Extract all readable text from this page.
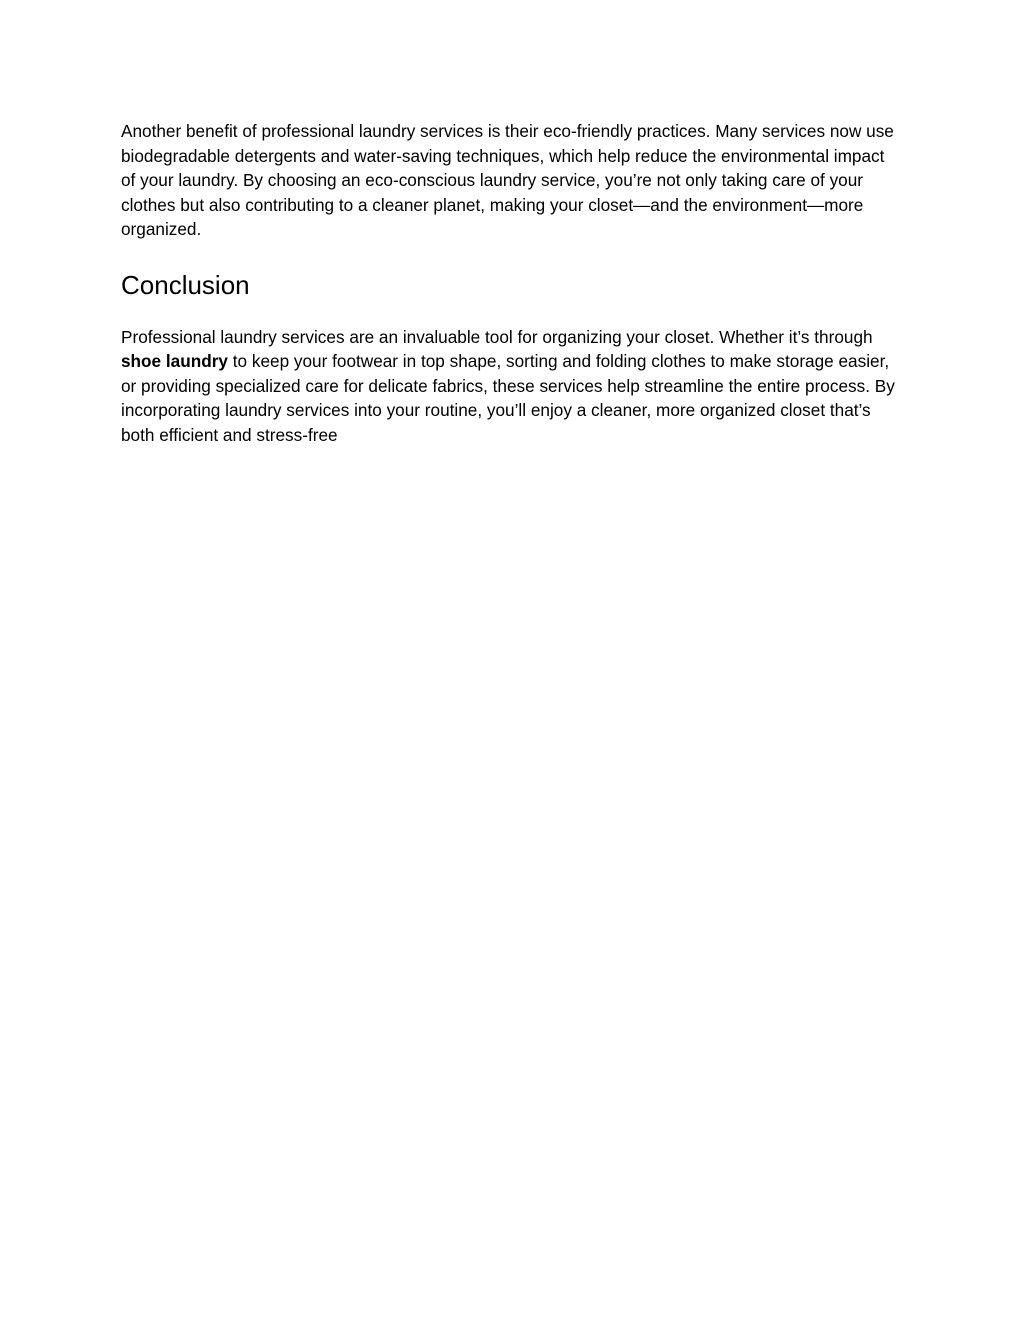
Another benefit of professional laundry services is their eco-friendly practices. Many services now use biodegradable detergents and water-saving techniques, which help reduce the environmental impact of your laundry. By choosing an eco-conscious laundry service, you’re not only taking care of your clothes but also contributing to a cleaner planet, making your closet—and the environment—more organized.

Conclusion

Professional laundry services are an invaluable tool for organizing your closet. Whether it’s through shoe laundry to keep your footwear in top shape, sorting and folding clothes to make storage easier, or providing specialized care for delicate fabrics, these services help streamline the entire process. By incorporating laundry services into your routine, you’ll enjoy a cleaner, more organized closet that’s both efficient and stress-free
